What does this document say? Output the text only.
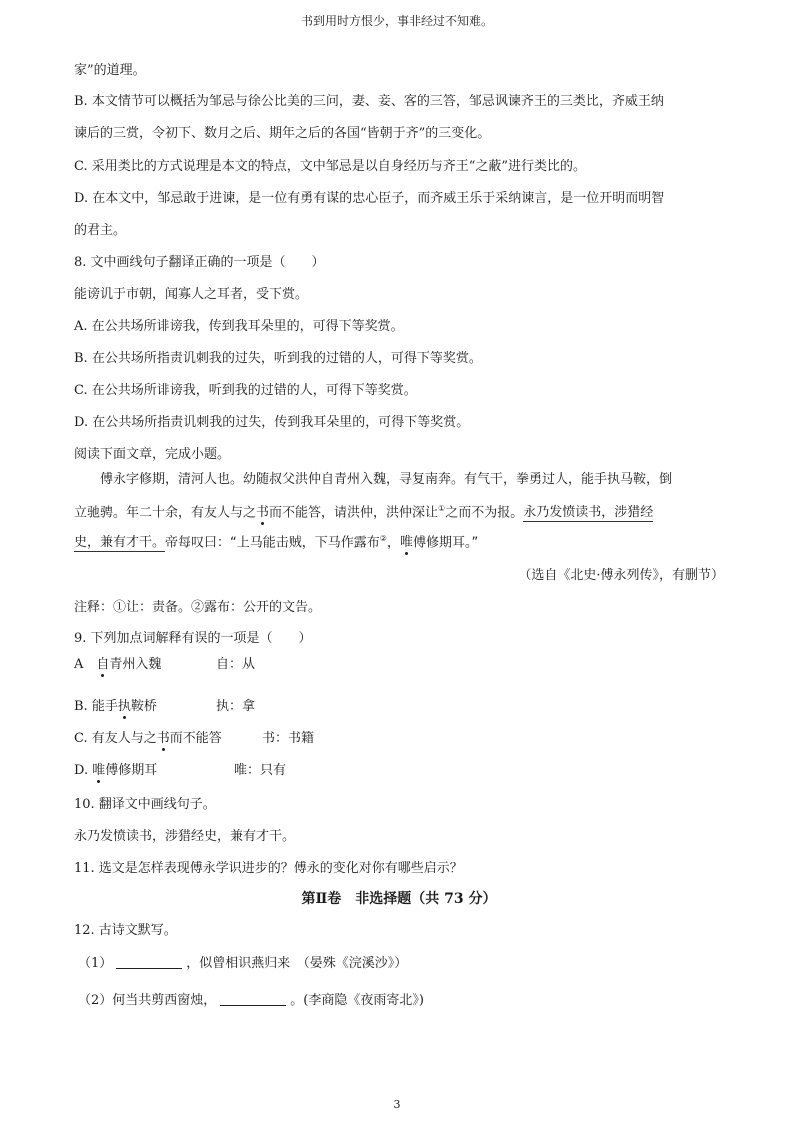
书到用时方恨少，事非经过不知难。
家”的道理。
B. 本文情节可以概括为邹忌与徐公比美的三问，妻、妾、客的三答，邹忌讽谏齐王的三类比，齐威王纳
谏后的三赏，令初下、数月之后、期年之后的各国“皆朝于齐”的三变化。
C. 采用类比的方式说理是本文的特点，文中邹忌是以自身经历与齐王“之蔽”进行类比的。
D. 在本文中，邹忌敢于进谏，是一位有勇有谋的忠心臣子，而齐威王乐于采纳谏言，是一位开明而明智
的君主。
8. 文中画线句子翻译正确的一项是（　　）
能谤讥于市朝，闻寡人之耳者，受下赏。
A. 在公共场所诽谤我，传到我耳朵里的，可得下等奖赏。
B. 在公共场所指责讥刺我的过失，听到我的过错的人，可得下等奖赏。
C. 在公共场所诽谤我，听到我的过错的人，可得下等奖赏。
D. 在公共场所指责讥刺我的过失，传到我耳朵里的，可得下等奖赏。
阅读下面文章，完成小题。
傅永字修期，清河人也。幼随叔父洪仲自青州入魏，寻复南奔。有气干，拳勇过人，能手执马鞍，倒
立驰骋。年二十余，有友人与之书而不能答，请洪仲，洪仲深让①之而不为报。永乃发愤读书，涉猎经
史，兼有才干。帝每叹曰：“上马能击贼，下马作露布②，唯傅修期耳。”
（选自《北史·傅永列传》，有删节）
注释：①让：责备。②露布：公开的文告。
9. 下列加点词解释有误的一项是（　　）
A　自青州入魏	自：从
B. 能手执鞍桥	执：拿
C. 有友人与之书而不能答	书：书籍
D. 唯傅修期耳	唯：只有
10. 翻译文中画线句子。
永乃发愤读书，涉猎经史，兼有才干。
11. 选文是怎样表现傅永学识进步的？傅永的变化对你有哪些启示？
第Ⅱ卷　非选择题（共 73 分）
12. 古诗文默写。
（1）	，似曾相识燕归来　（晏殊《浣溪沙》）
（2）何当共剪西窗烛，	。(李商隐《夜雨寄北》)
3
